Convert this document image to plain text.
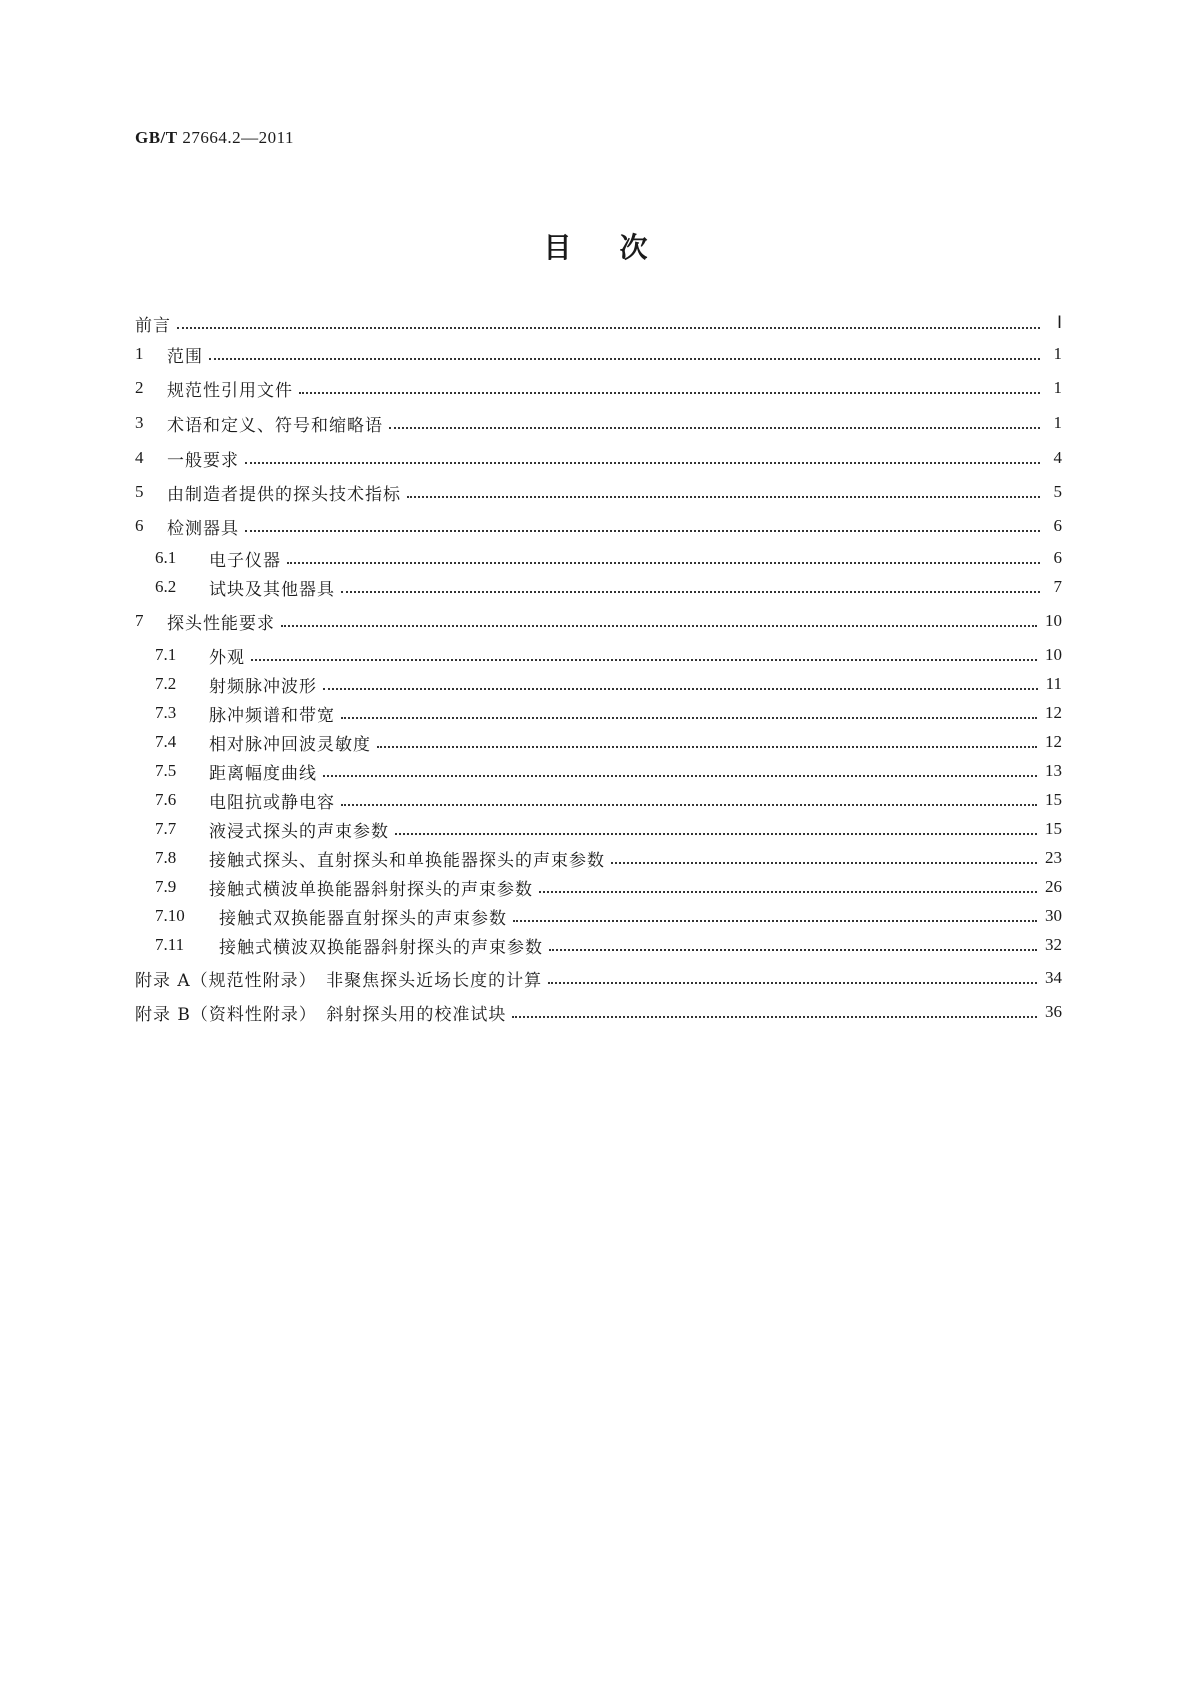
GB/T 27664.2—2011
目次
前言	Ⅰ
1	范围	1
2	规范性引用文件	1
3	术语和定义、符号和缩略语	1
4	一般要求	4
5	由制造者提供的探头技术指标	5
6	检测器具	6
6.1	电子仪器	6
6.2	试块及其他器具	7
7	探头性能要求	10
7.1	外观	10
7.2	射频脉冲波形	11
7.3	脉冲频谱和带宽	12
7.4	相对脉冲回波灵敏度	12
7.5	距离幅度曲线	13
7.6	电阻抗或静电容	15
7.7	液浸式探头的声束参数	15
7.8	接触式探头、直射探头和单换能器探头的声束参数	23
7.9	接触式横波单换能器斜射探头的声束参数	26
7.10	接触式双换能器直射探头的声束参数	30
7.11	接触式横波双换能器斜射探头的声束参数	32
附录 A（规范性附录）　非聚焦探头近场长度的计算	34
附录 B（资料性附录）　斜射探头用的校准试块	36
